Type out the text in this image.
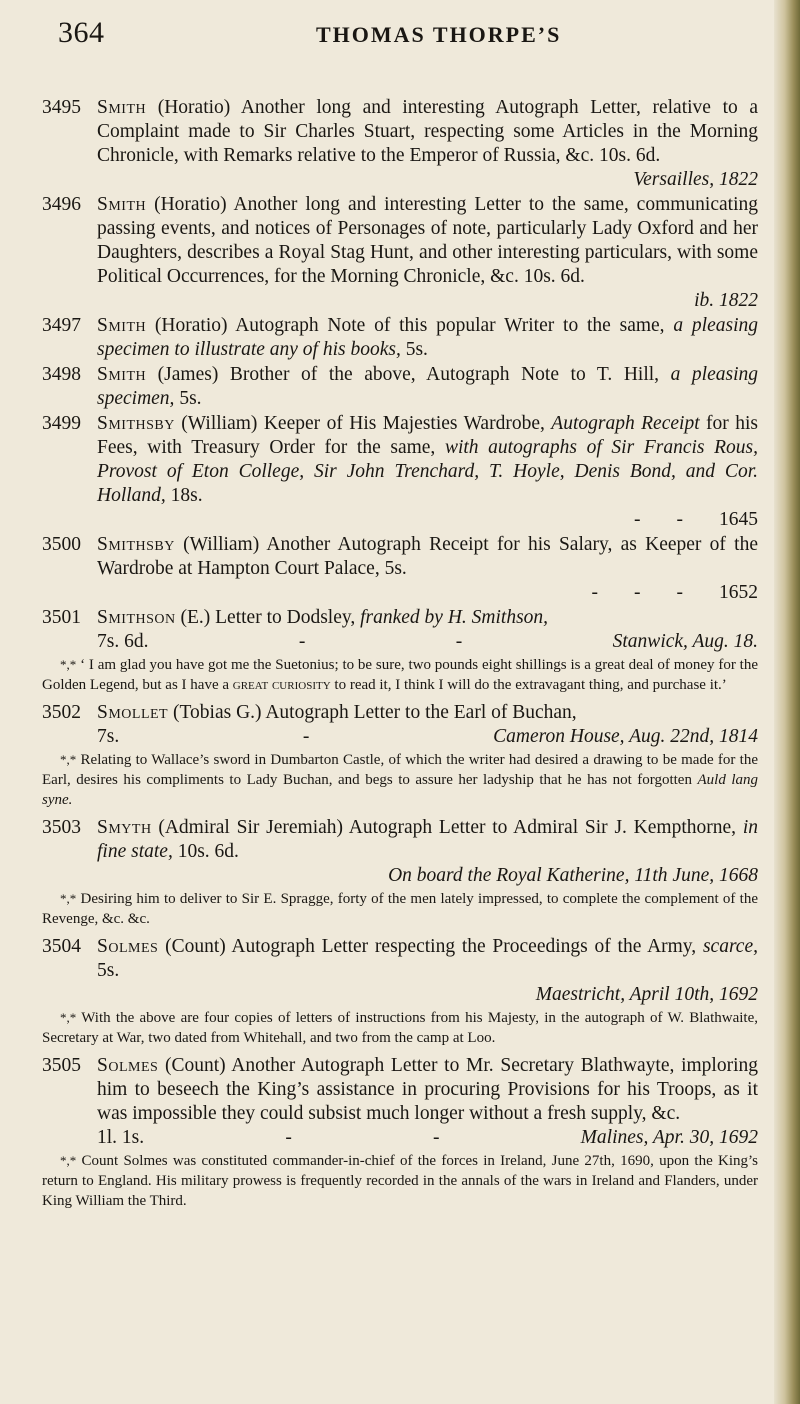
364	THOMAS THORPE’S
3495 Smith (Horatio) Another long and interesting Autograph Letter, relative to a Complaint made to Sir Charles Stuart, respecting some Articles in the Morning Chronicle, with Remarks relative to the Emperor of Russia, &c. 10s. 6d.
Versailles, 1822
3496 Smith (Horatio) Another long and interesting Letter to the same, communicating passing events, and notices of Personages of note, particularly Lady Oxford and her Daughters, describes a Royal Stag Hunt, and other interesting particulars, with some Political Occurrences, for the Morning Chronicle, &c. 10s. 6d.
ib. 1822
3497 Smith (Horatio) Autograph Note of this popular Writer to the same, a pleasing specimen to illustrate any of his books, 5s.
3498 Smith (James) Brother of the above, Autograph Note to T. Hill, a pleasing specimen, 5s.
3499 Smithsby (William) Keeper of His Majesties Wardrobe, Autograph Receipt for his Fees, with Treasury Order for the same, with autographs of Sir Francis Rous, Provost of Eton College, Sir John Trenchard, T. Hoyle, Denis Bond, and Cor. Holland, 18s.
- - 1645
3500 Smithsby (William) Another Autograph Receipt for his Salary, as Keeper of the Wardrobe at Hampton Court Palace, 5s.
- - - 1652
3501 Smithson (E.) Letter to Dodsley, franked by H. Smithson,
7s. 6d.	-	-	Stanwick, Aug. 18.

*,* ‘ I am glad you have got me the Suetonius; to be sure, two pounds eight shillings is a great deal of money for the Golden Legend, but as I have a great curiosity to read it, I think I will do the extravagant thing, and purchase it.’

3502 Smollet (Tobias G.) Autograph Letter to the Earl of Buchan,
7s.	-	Cameron House, Aug. 22nd, 1814

*,* Relating to Wallace’s sword in Dumbarton Castle, of which the writer had desired a drawing to be made for the Earl, desires his compliments to Lady Buchan, and begs to assure her ladyship that he has not forgotten Auld lang syne.

3503 Smyth (Admiral Sir Jeremiah) Autograph Letter to Admiral Sir J. Kempthorne, in fine state, 10s. 6d.
On board the Royal Katherine, 11th June, 1668

*,* Desiring him to deliver to Sir E. Spragge, forty of the men lately impressed, to complete the complement of the Revenge, &c. &c.

3504 Solmes (Count) Autograph Letter respecting the Proceedings of the Army, scarce, 5s.
Maestricht, April 10th, 1692

*,* With the above are four copies of letters of instructions from his Majesty, in the autograph of W. Blathwaite, Secretary at War, two dated from Whitehall, and two from the camp at Loo.

3505 Solmes (Count) Another Autograph Letter to Mr. Secretary Blathwayte, imploring him to beseech the King’s assistance in procuring Provisions for his Troops, as it was impossible they could subsist much longer without a fresh supply, &c.
1l. 1s.	-	-	Malines, Apr. 30, 1692

*,* Count Solmes was constituted commander-in-chief of the forces in Ireland, June 27th, 1690, upon the King’s return to England. His military prowess is frequently recorded in the annals of the wars in Ireland and Flanders, under King William the Third.
